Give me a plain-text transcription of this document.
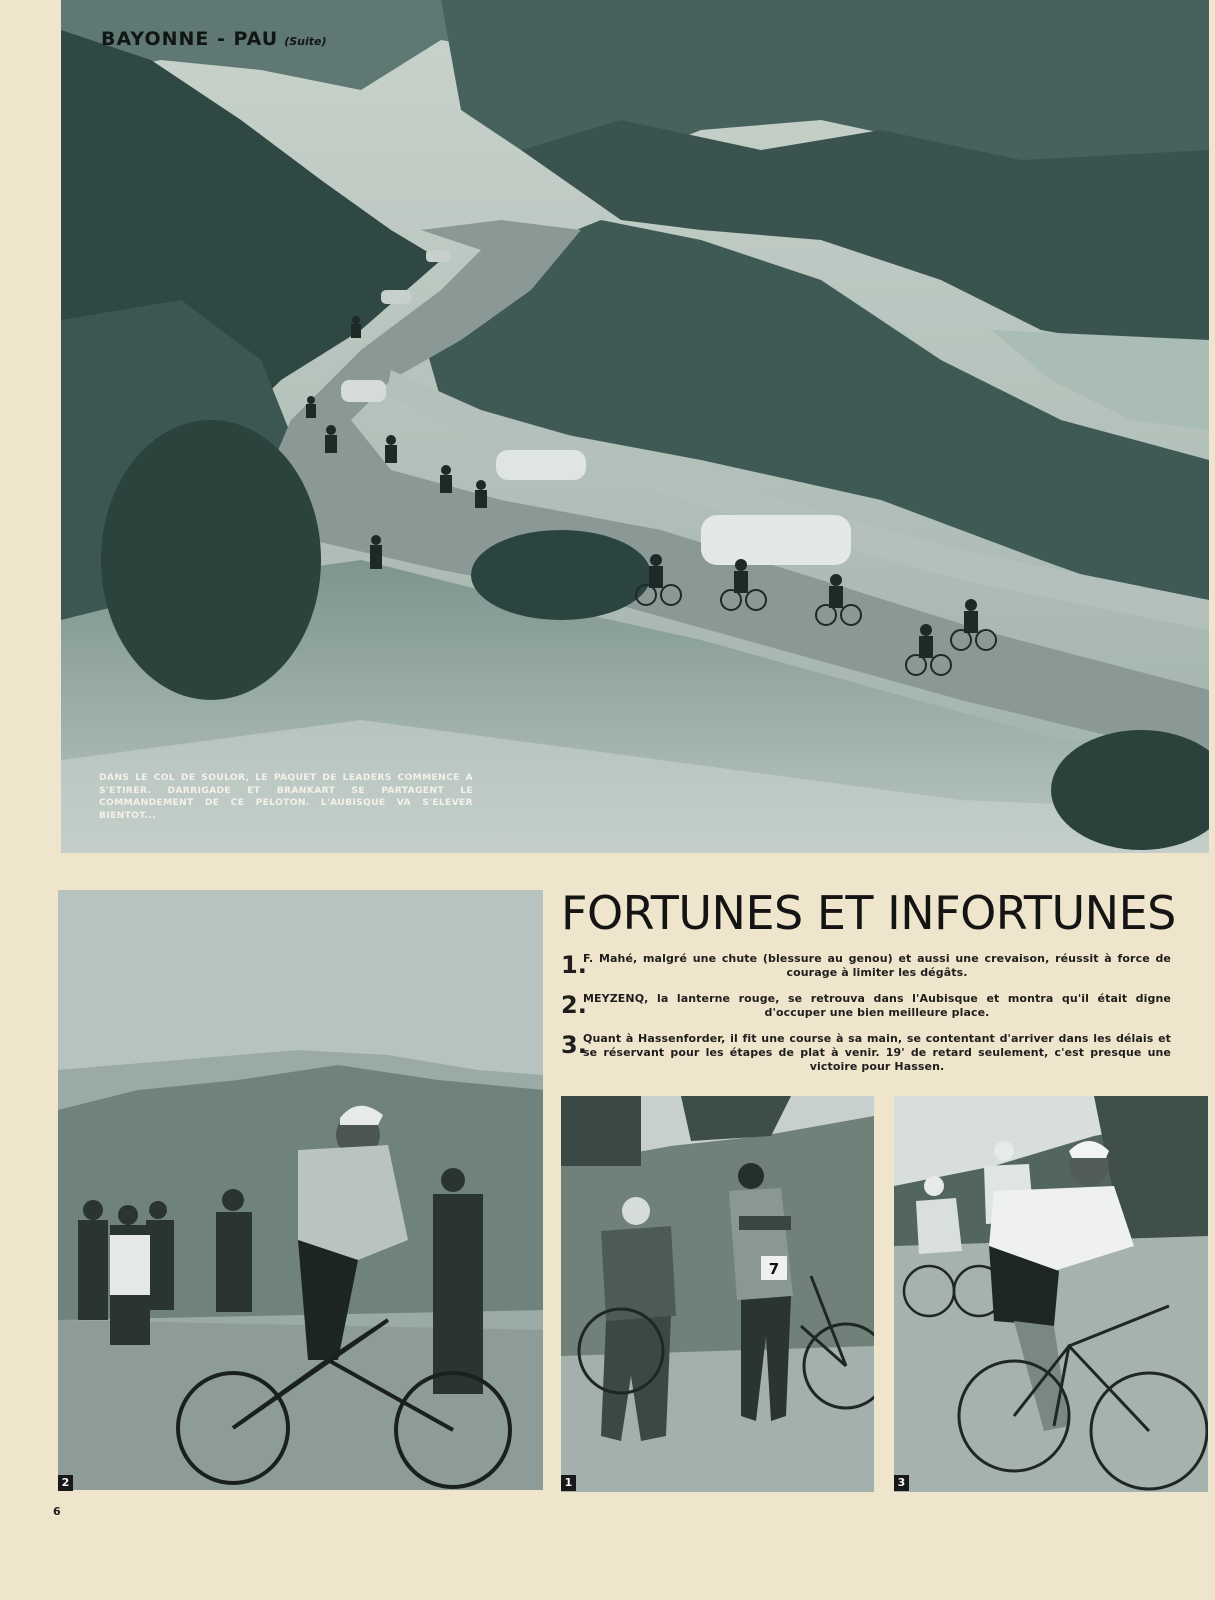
BAYONNE - PAU (Suite)
DANS LE COL DE SOULOR, LE PAQUET DE LEADERS COMMENCE A S'ETIRER. DARRIGADE ET BRANKART SE PARTAGENT LE COMMANDEMENT DE CE PELOTON. L'AUBISQUE VA S'ELEVER BIENTOT...
FORTUNES ET INFORTUNES
1.
F. Mahé, malgré une chute (blessure au genou) et aussi une crevaison, réussit à force de courage à limiter les dégâts.
2.
MEYZENQ, la lanterne rouge, se retrouva dans l'Aubisque et montra qu'il était digne d'occuper une bien meilleure place.
3.
Quant à Hassenforder, il fit une course à sa main, se contentant d'arriver dans les délais et se réservant pour les étapes de plat à venir. 19' de retard seulement, c'est presque une victoire pour Hassen.
2
7
1	3
6
